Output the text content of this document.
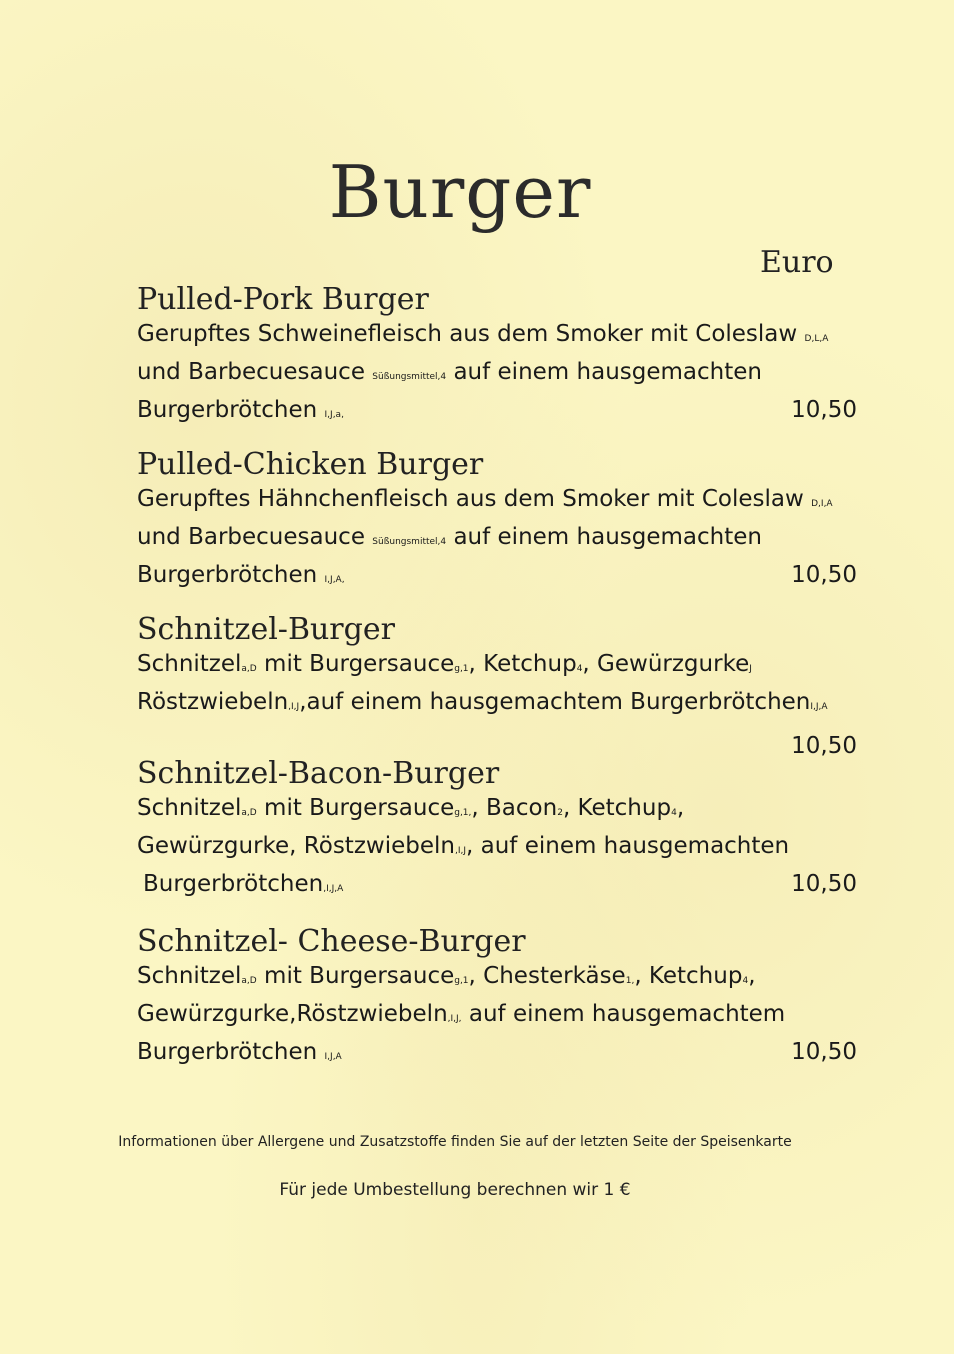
Burger
Euro
Pulled-Pork Burger
Gerupftes Schweinefleisch aus dem Smoker mit Coleslaw D,L,A
und Barbecuesauce Süßungsmittel,4 auf einem hausgemachten
Burgerbrötchen I,J,a,	10,50
Pulled-Chicken Burger
Gerupftes Hähnchenfleisch aus dem Smoker mit Coleslaw D,I,A
und Barbecuesauce Süßungsmittel,4 auf einem hausgemachten
Burgerbrötchen I,J,A,	10,50
Schnitzel-Burger
Schnitzela,D mit Burgersauceg,1, Ketchup4, GewürzgurkeJ
Röstzwiebeln,I,J,auf einem hausgemachtem BurgerbrötchenI,J,A
10,50
Schnitzel-Bacon-Burger
Schnitzela,D mit Burgersauceg,1,, Bacon2, Ketchup4,
Gewürzgurke, Röstzwiebeln,I,J, auf einem hausgemachten
Burgerbrötchen,I,J,A	10,50
Schnitzel- Cheese-Burger
Schnitzela,D mit Burgersauceg,1, Chesterkäse1,, Ketchup4,
Gewürzgurke,Röstzwiebeln,I,J, auf einem hausgemachtem
Burgerbrötchen I,J,A	10,50
Informationen über Allergene und Zusatzstoffe finden Sie auf der letzten Seite der Speisenkarte
Für jede Umbestellung berechnen wir 1 €
